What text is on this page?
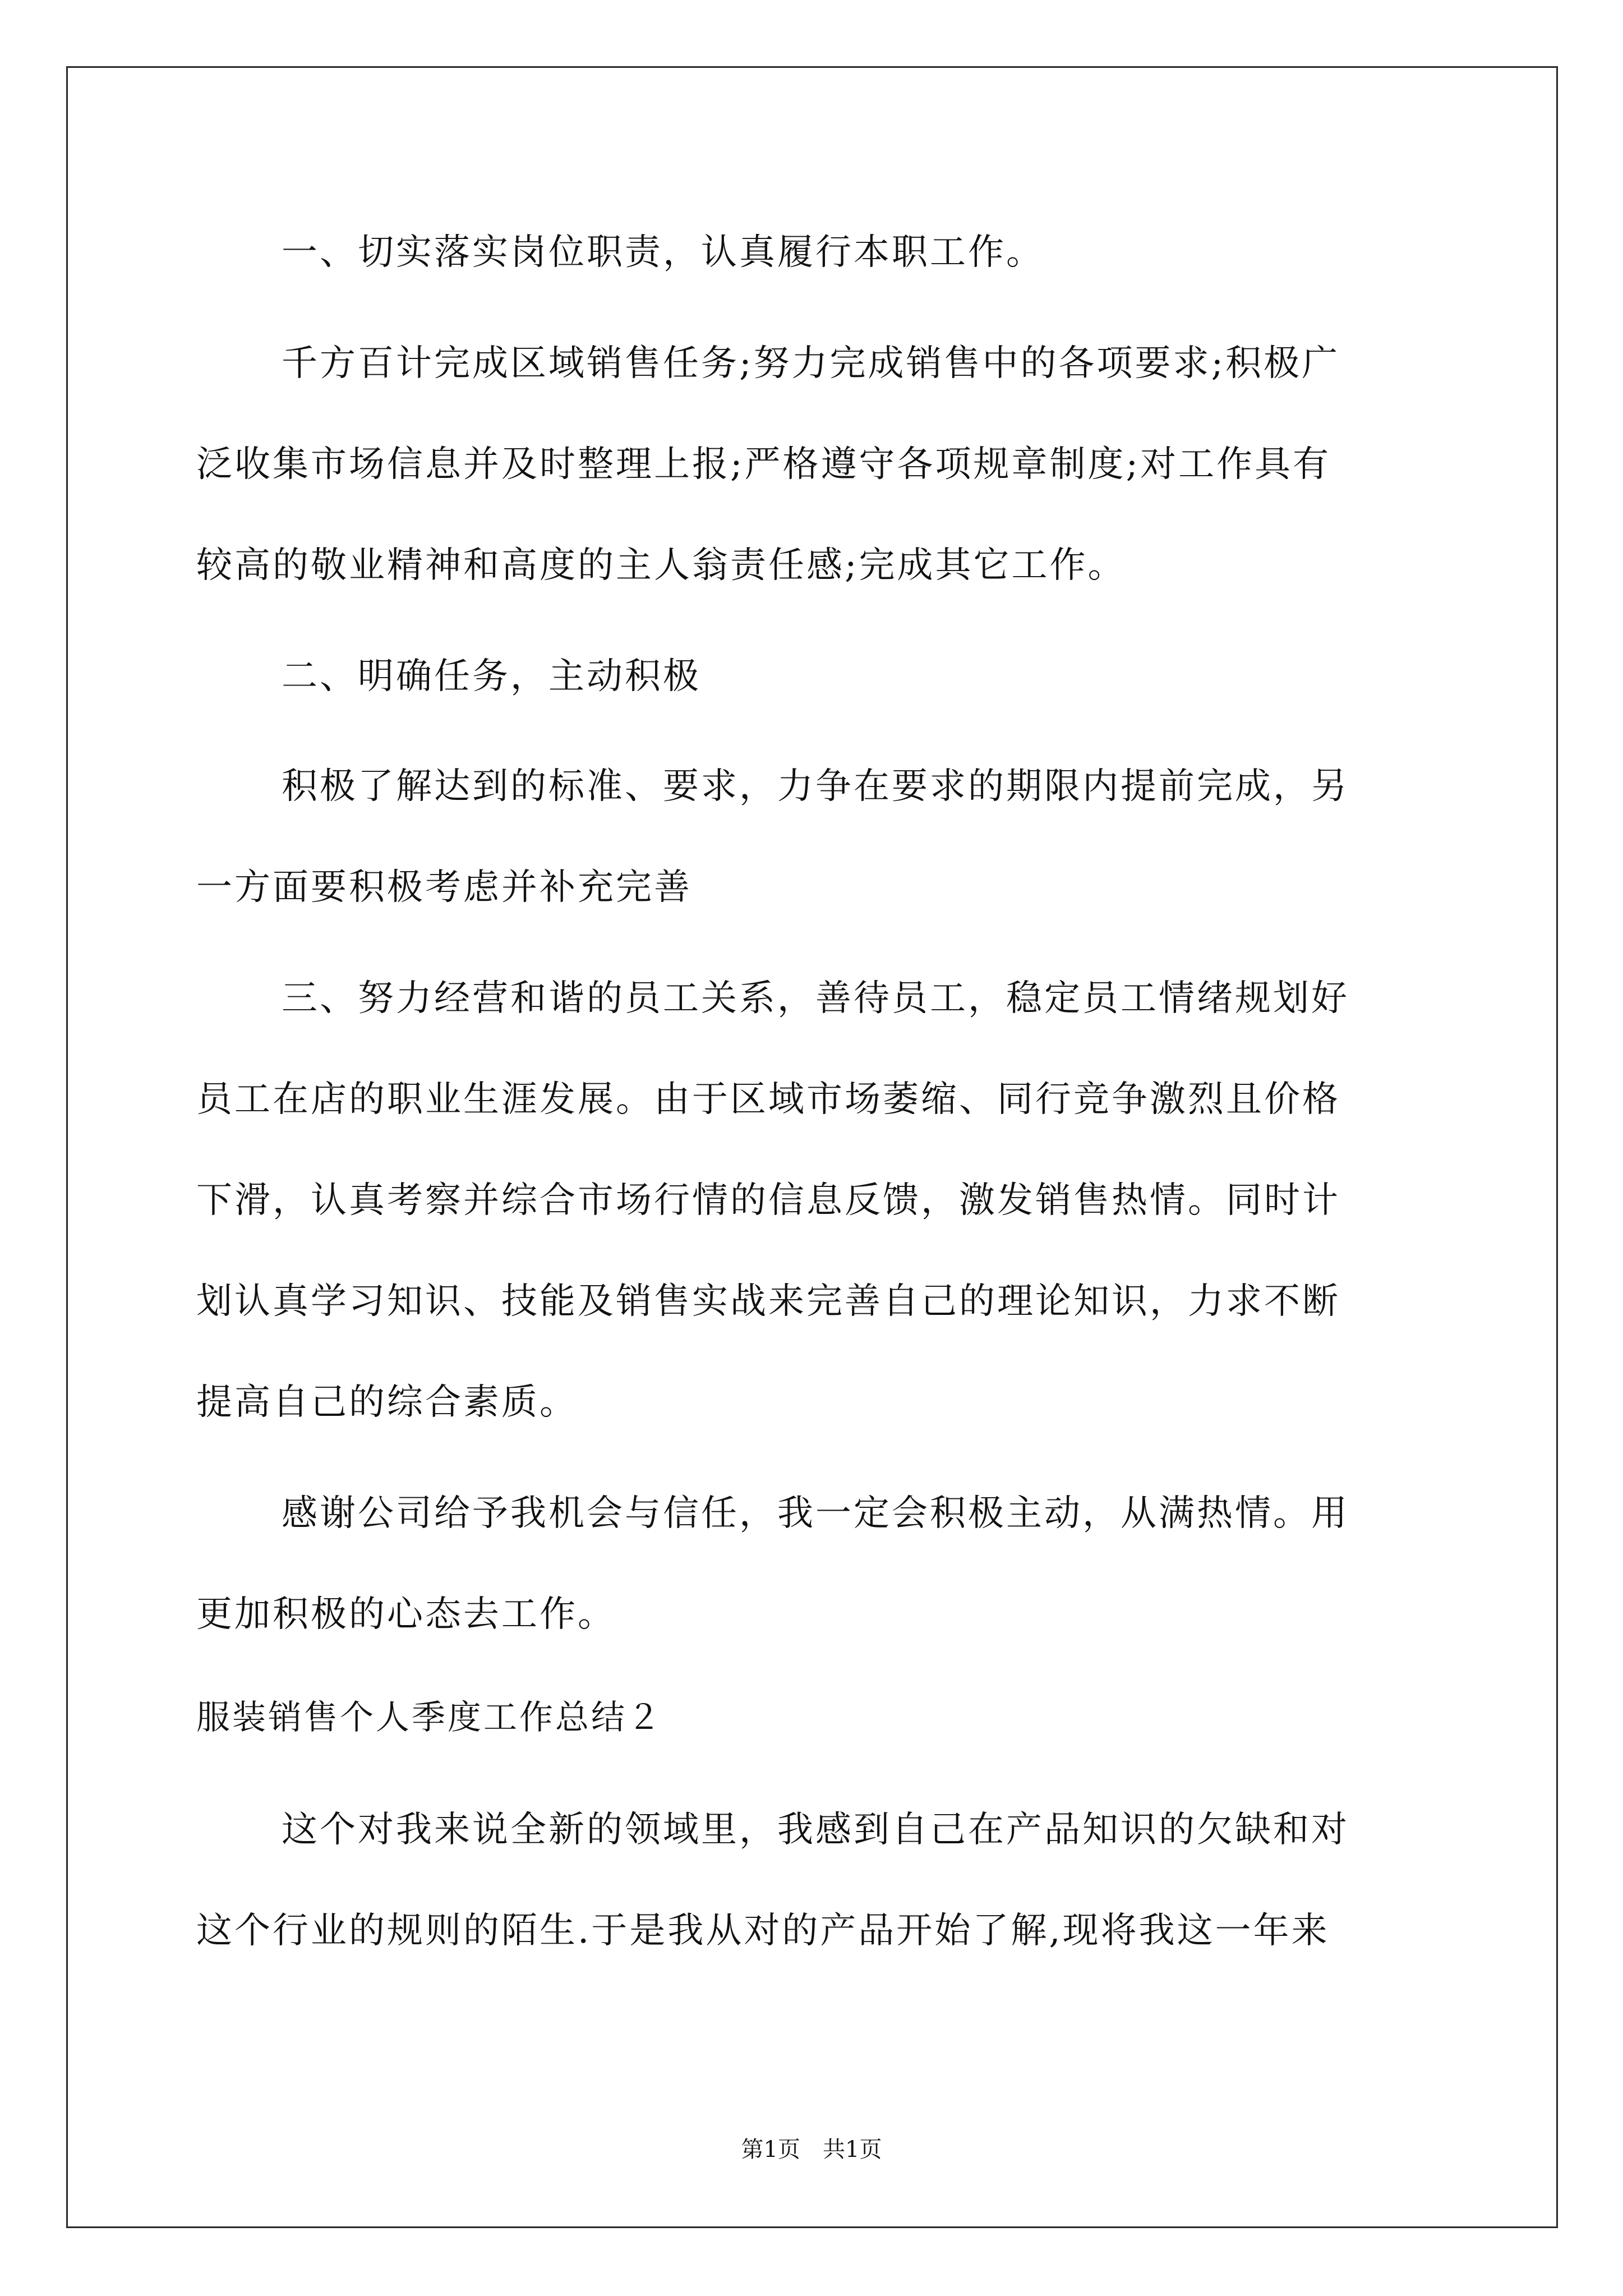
一、切实落实岗位职责，认真履行本职工作。
千方百计完成区域销售任务;努力完成销售中的各项要求;积极广
泛收集市场信息并及时整理上报;严格遵守各项规章制度;对工作具有
较高的敬业精神和高度的主人翁责任感;完成其它工作。
二、明确任务，主动积极
积极了解达到的标准、要求，力争在要求的期限内提前完成，另
一方面要积极考虑并补充完善
三、努力经营和谐的员工关系，善待员工，稳定员工情绪规划好
员工在店的职业生涯发展。由于区域市场萎缩、同行竞争激烈且价格
下滑，认真考察并综合市场行情的信息反馈，激发销售热情。同时计
划认真学习知识、技能及销售实战来完善自己的理论知识，力求不断
提高自己的综合素质。
感谢公司给予我机会与信任，我一定会积极主动，从满热情。用
更加积极的心态去工作。
服装销售个人季度工作总结２
这个对我来说全新的领域里，我感到自己在产品知识的欠缺和对
这个行业的规则的陌生.于是我从对的产品开始了解,现将我这一年来
第1页　共1页
